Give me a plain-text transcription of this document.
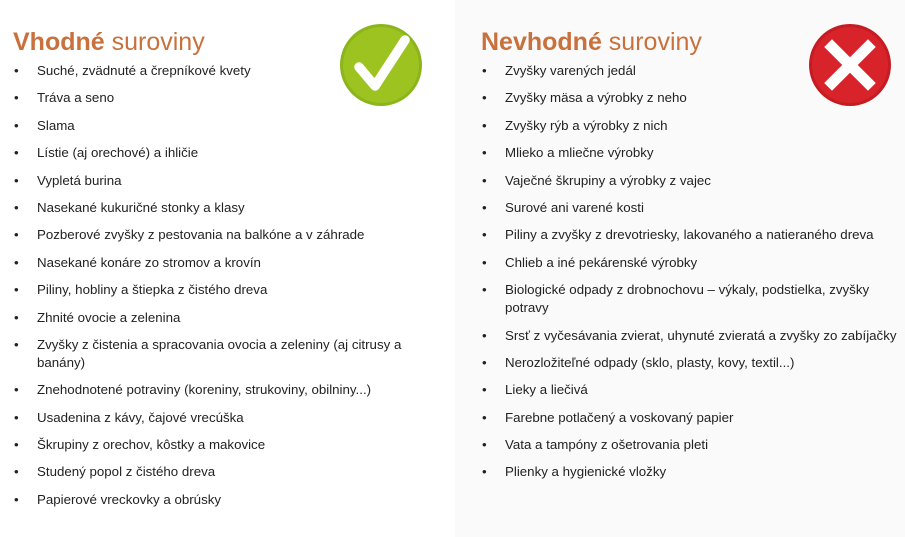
Vhodné suroviny
• Suché, zvädnuté a črepníkové kvety
• Tráva a seno
• Slama
• Lístie (aj orechové) a ihličie
• Vypletá burina
• Nasekané kukuričné stonky a klasy
• Pozberové zvyšky z pestovania na balkóne a v záhrade
• Nasekané konáre zo stromov a krovín
• Piliny, hobliny a štiepka z čistého dreva
• Zhnité ovocie a zelenina
• Zvyšky z čistenia a spracovania ovocia a zeleniny (aj citrusy a banány)
• Znehodnotené potraviny (koreniny, strukoviny, obilniny...)
• Usadenina z kávy, čajové vrecúška
• Škrupiny z orechov, kôstky a makovice
• Studený popol z čistého dreva
• Papierové vreckovky a obrúsky
Nevhodné suroviny
• Zvyšky varených jedál
• Zvyšky mäsa a výrobky z neho
• Zvyšky rýb a výrobky z nich
• Mlieko a mliečne výrobky
• Vaječné škrupiny a výrobky z vajec
• Surové ani varené kosti
• Piliny a zvyšky z drevotriesky, lakovaného a natieraného dreva
• Chlieb a iné pekárenské výrobky
• Biologické odpady z drobnochovu – výkaly, podstielka, zvyšky potravy
• Srsť z vyčesávania zvierat, uhynuté zvieratá a zvyšky zo zabíjačky
• Nerozložiteľné odpady (sklo, plasty, kovy, textil...)
• Lieky a liečivá
• Farebne potlačený a voskovaný papier
• Vata a tampóny z ošetrovania pleti
• Plienky a hygienické vložky
